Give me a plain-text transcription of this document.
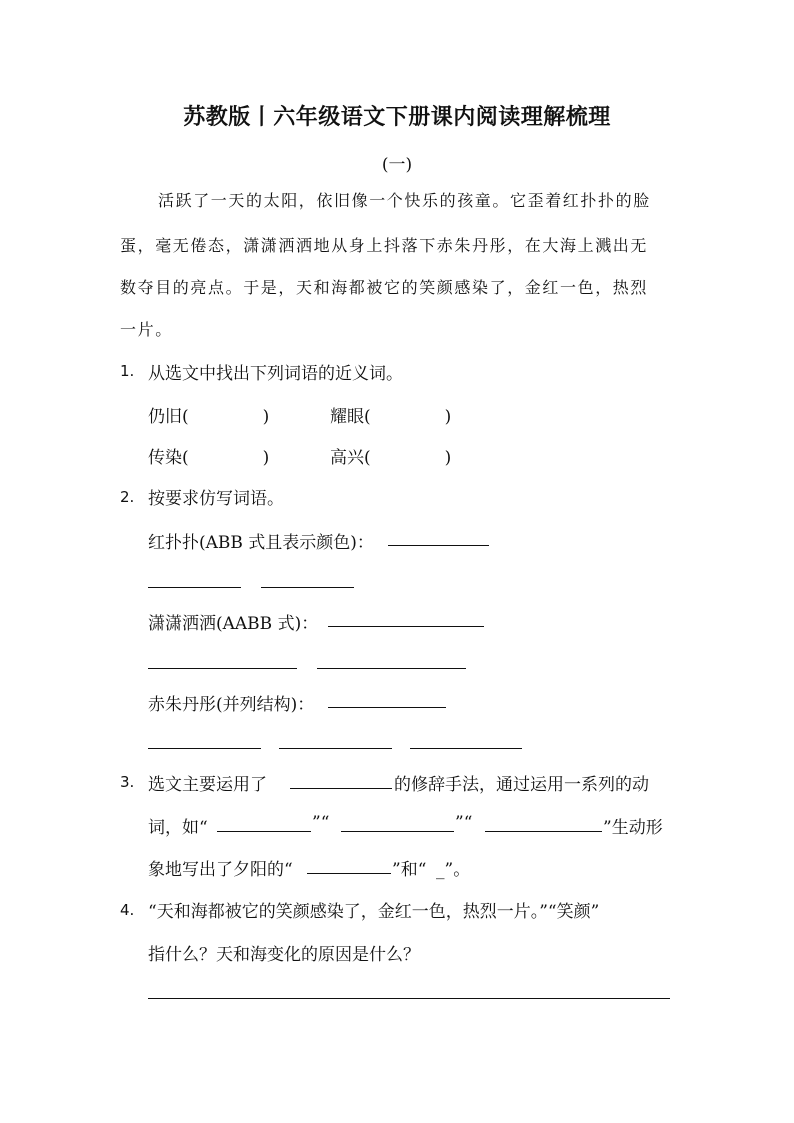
苏教版丨六年级语文下册课内阅读理解梳理
(一)
活跃了一天的太阳，依旧像一个快乐的孩童。它歪着红扑扑的脸
蛋，毫无倦态，潇潇洒洒地从身上抖落下赤朱丹彤，在大海上溅出无
数夺目的亮点。于是，天和海都被它的笑颜感染了，金红一色，热烈
一片。
1. 从选文中找出下列词语的近义词。
仍旧(	)	耀眼(	)
传染(	)	高兴(	)
2. 按要求仿写词语。
红扑扑(ABB 式且表示颜色)：
潇潇洒洒(AABB 式)：
赤朱丹彤(并列结构)：
3. 选文主要运用了	的修辞手法，通过运用一系列的动
词，如“	”“	”“	”生动形
象地写出了夕阳的“	”和“ _”。
4. “天和海都被它的笑颜感染了，金红一色，热烈一片。”“笑颜”
指什么？天和海变化的原因是什么？
